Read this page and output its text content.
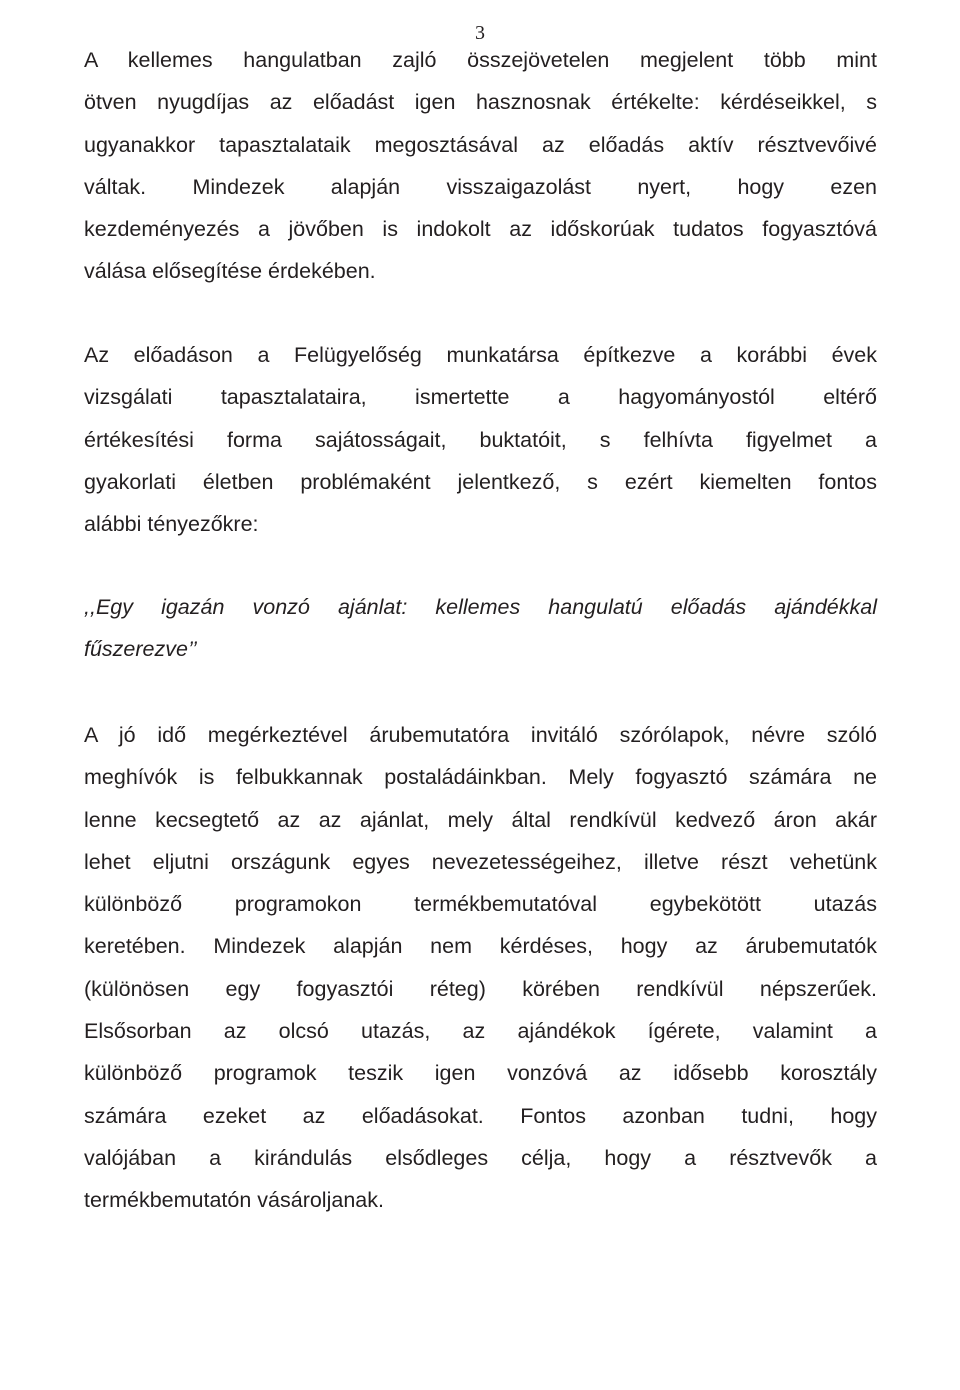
3
A kellemes hangulatban zajló összejövetelen megjelent több mint
ötven nyugdíjas az előadást igen hasznosnak értékelte: kérdéseikkel, s
ugyanakkor tapasztalataik megosztásával az előadás aktív résztvevőivé
váltak. Mindezek alapján visszaigazolást nyert, hogy ezen
kezdeményezés a jövőben is indokolt az időskorúak tudatos fogyasztóvá
válása elősegítése érdekében.
Az előadáson a Felügyelőség munkatársa építkezve a korábbi évek
vizsgálati tapasztalataira, ismertette a hagyományostól eltérő
értékesítési forma sajátosságait, buktatóit, s felhívta figyelmet a
gyakorlati életben problémaként jelentkező, s ezért kiemelten fontos
alábbi tényezőkre:
,,Egy igazán vonzó ajánlat: kellemes hangulatú előadás ajándékkal
fűszerezve’’
A jó idő megérkeztével árubemutatóra invitáló szórólapok, névre szóló
meghívók is felbukkannak postaládáinkban. Mely fogyasztó számára ne
lenne kecsegtető az az ajánlat, mely által rendkívül kedvező áron akár
lehet eljutni országunk egyes nevezetességeihez, illetve részt vehetünk
különböző programokon termékbemutatóval egybekötött utazás
keretében. Mindezek alapján nem kérdéses, hogy az árubemutatók
(különösen egy fogyasztói réteg) körében rendkívül népszerűek.
Elsősorban az olcsó utazás, az ajándékok ígérete, valamint a
különböző programok teszik igen vonzóvá az idősebb korosztály
számára ezeket az előadásokat. Fontos azonban tudni, hogy
valójában a kirándulás elsődleges célja, hogy a résztvevők a
termékbemutatón vásároljanak.
